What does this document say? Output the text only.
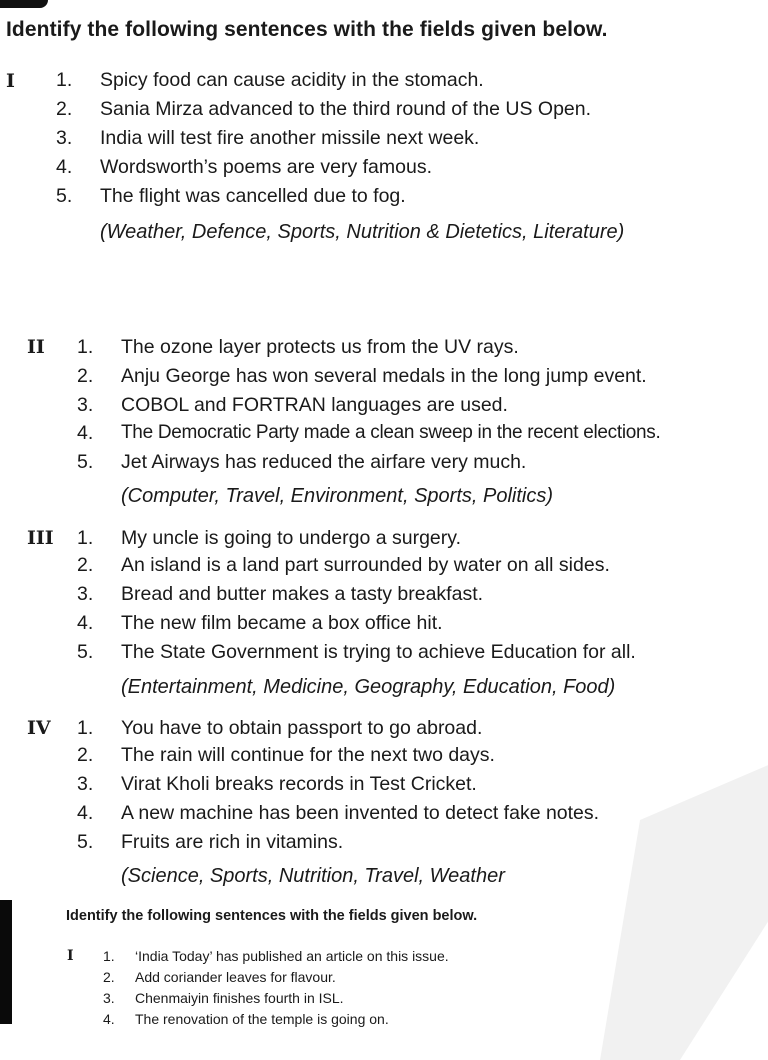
Identify the following sentences with the fields given below.
I 1. Spicy food can cause acidity in the stomach.
2. Sania Mirza advanced to the third round of the US Open.
3. India will test fire another missile next week.
4. Wordsworth’s poems are very famous.
5. The flight was cancelled due to fog.
(Weather, Defence, Sports, Nutrition & Dietetics, Literature)
II 1. The ozone layer protects us from the UV rays.
2. Anju George has won several medals in the long jump event.
3. COBOL and FORTRAN languages are used.
4. The Democratic Party made a clean sweep in the recent elections.
5. Jet Airways has reduced the airfare very much.
(Computer, Travel, Environment, Sports, Politics)
III 1. My uncle is going to undergo a surgery.
2. An island is a land part surrounded by water on all sides.
3. Bread and butter makes a tasty breakfast.
4. The new film became a box office hit.
5. The State Government is trying to achieve Education for all.
(Entertainment, Medicine, Geography, Education, Food)
IV 1. You have to obtain passport to go abroad.
2. The rain will continue for the next two days.
3. Virat Kholi breaks records in Test Cricket.
4. A new machine has been invented to detect fake notes.
5. Fruits are rich in vitamins.
(Science, Sports, Nutrition, Travel, Weather
Identify the following sentences with the fields given below.
I 1. ‘India Today’ has published an article on this issue.
2. Add coriander leaves for flavour.
3. Chenmaiyin finishes fourth in ISL.
4. The renovation of the temple is going on.
